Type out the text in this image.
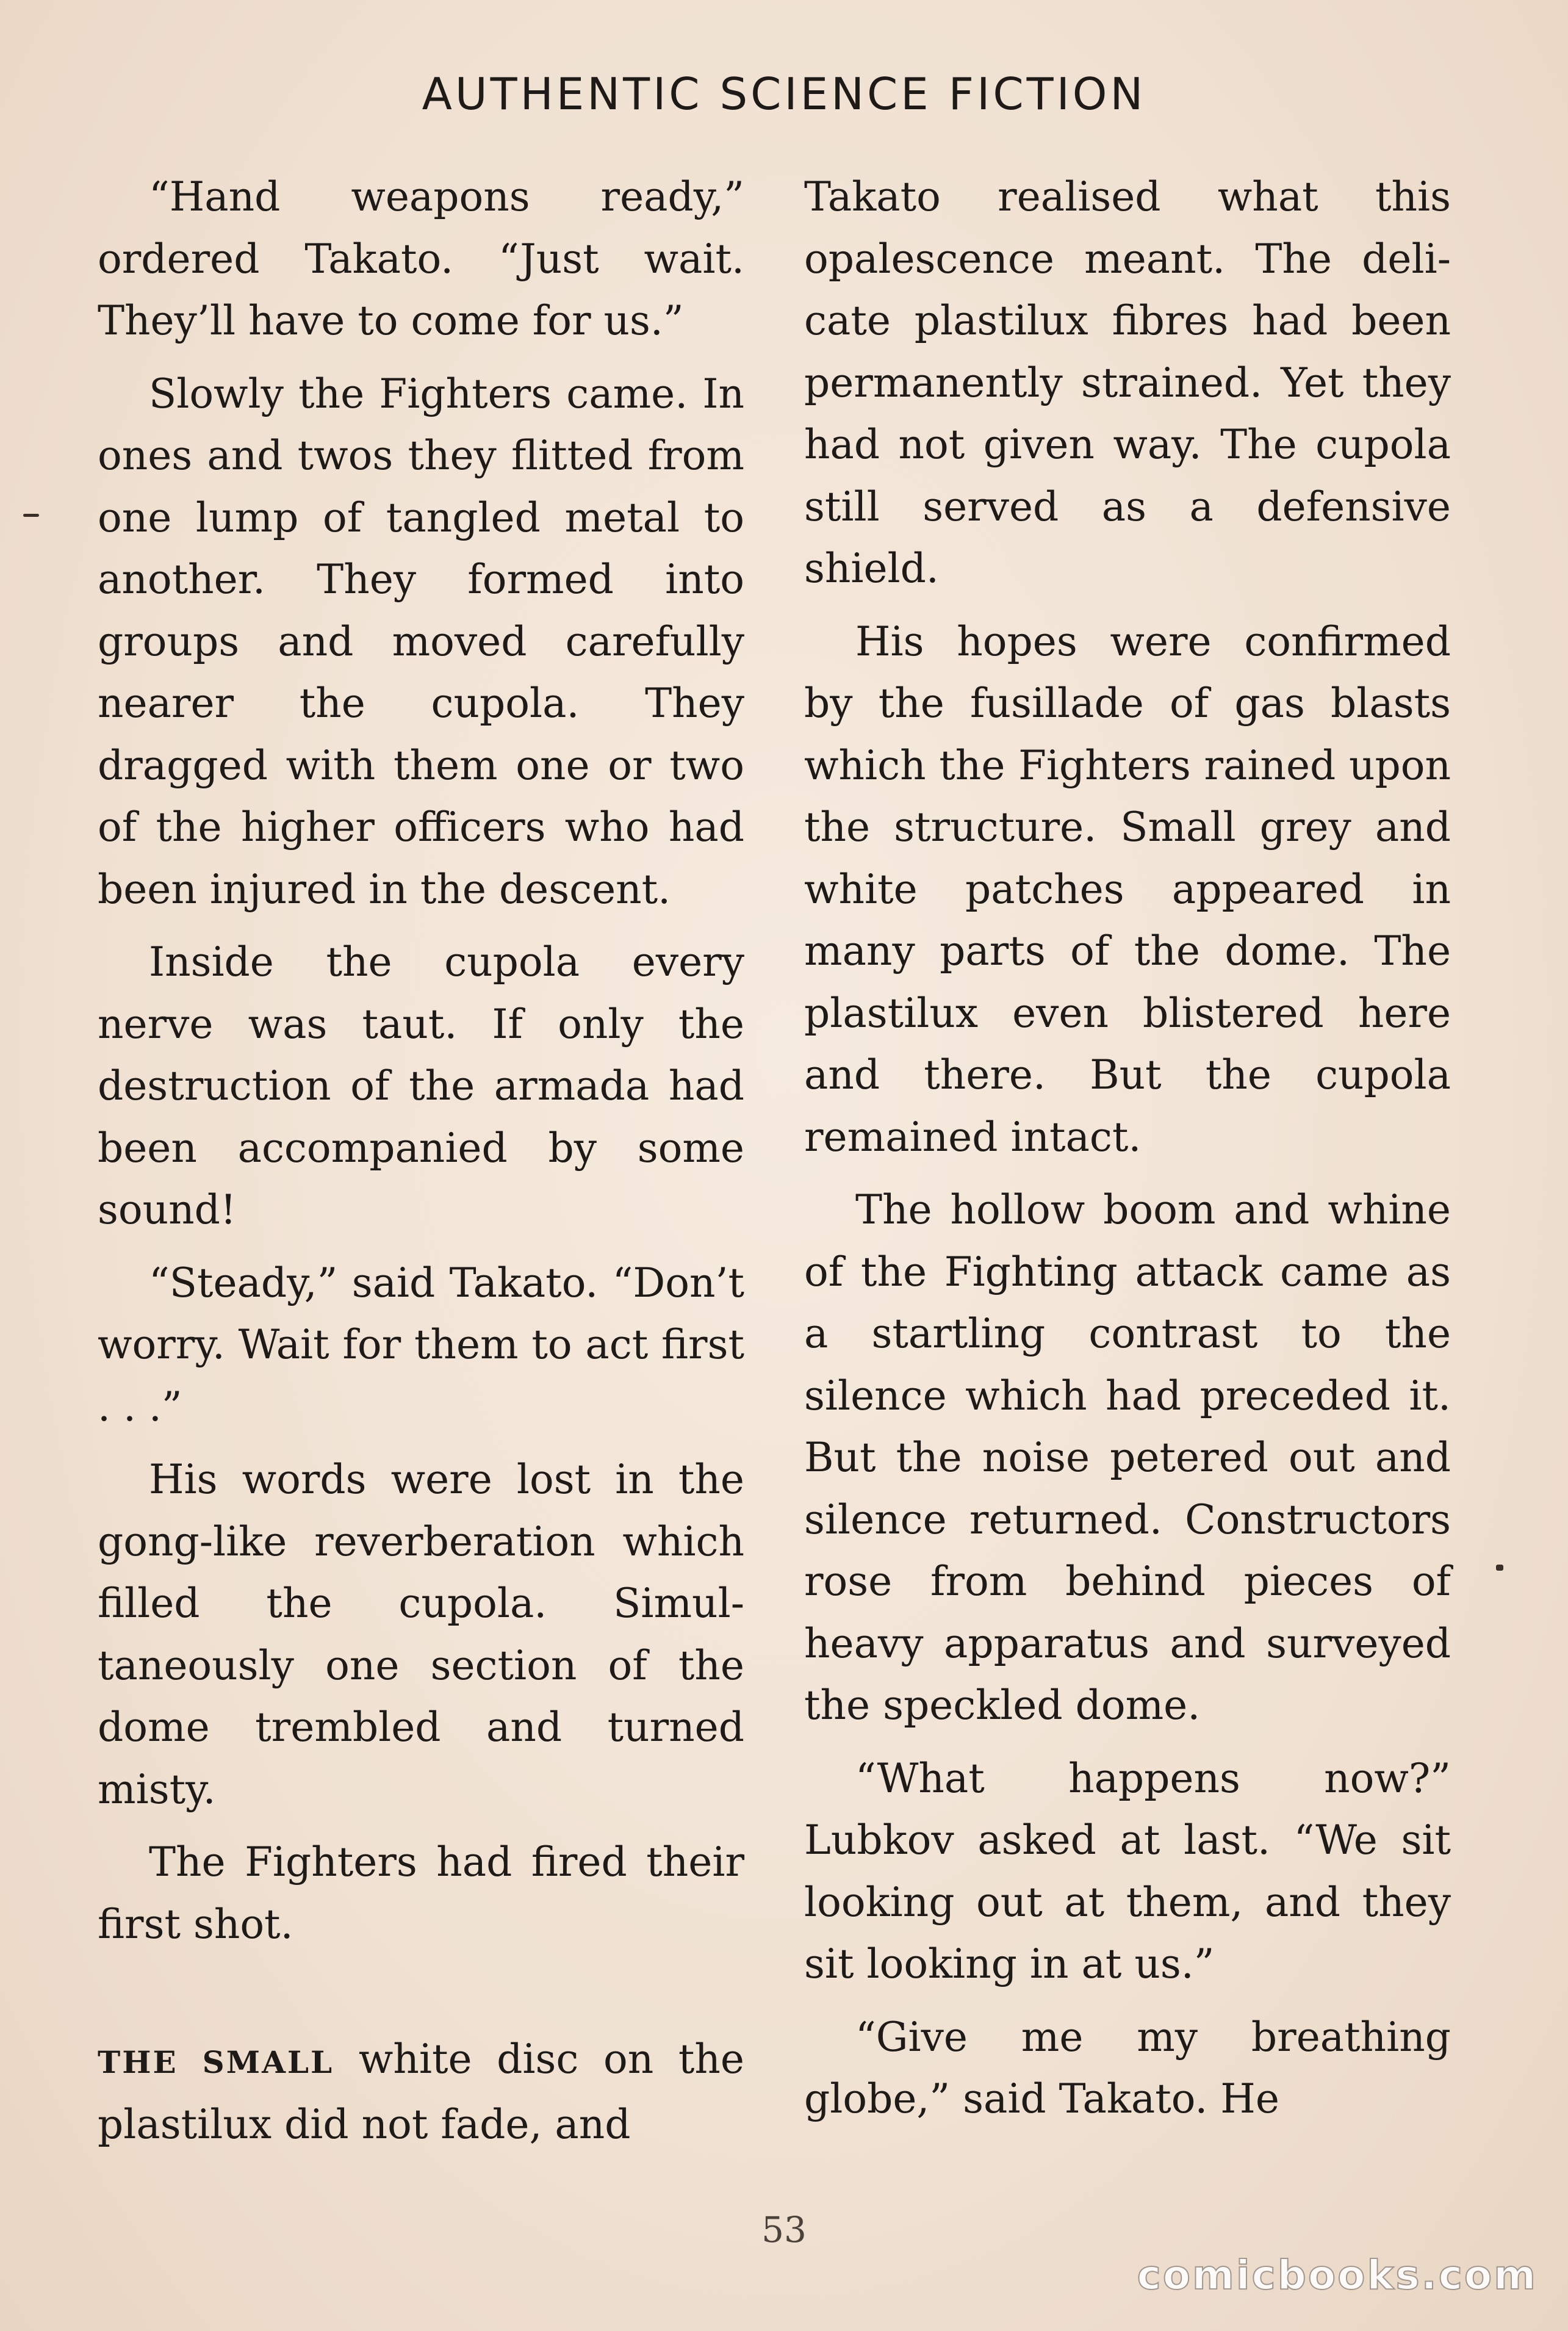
AUTHENTIC SCIENCE FICTION

“Hand weapons ready,” ordered Takato. “Just wait. They’ll have to come for us.”

Slowly the Fighters came. In ones and twos they flitted from one lump of tangled metal to another. They formed into groups and moved carefully nearer the cupola. They dragged with them one or two of the higher officers who had been injured in the descent.

Inside the cupola every nerve was taut. If only the destruction of the armada had been accompanied by some sound!

“Steady,” said Takato. “Don’t worry. Wait for them to act first . . .”

His words were lost in the gong-like reverberation which filled the cupola. Simultaneously one section of the dome trembled and turned misty.

The Fighters had fired their first shot.

THE SMALL white disc on the plastilux did not fade, and

Takato realised what this opalescence meant. The delicate plastilux fibres had been permanently strained. Yet they had not given way. The cupola still served as a defensive shield.

His hopes were confirmed by the fusillade of gas blasts which the Fighters rained upon the structure. Small grey and white patches appeared in many parts of the dome. The plastilux even blistered here and there. But the cupola remained intact.

The hollow boom and whine of the Fighting attack came as a startling contrast to the silence which had preceded it. But the noise petered out and silence returned. Constructors rose from behind pieces of heavy apparatus and surveyed the speckled dome.

“What happens now?” Lubkov asked at last. “We sit looking out at them, and they sit looking in at us.”

“Give me my breathing globe,” said Takato. He

53
comicbooks.com
